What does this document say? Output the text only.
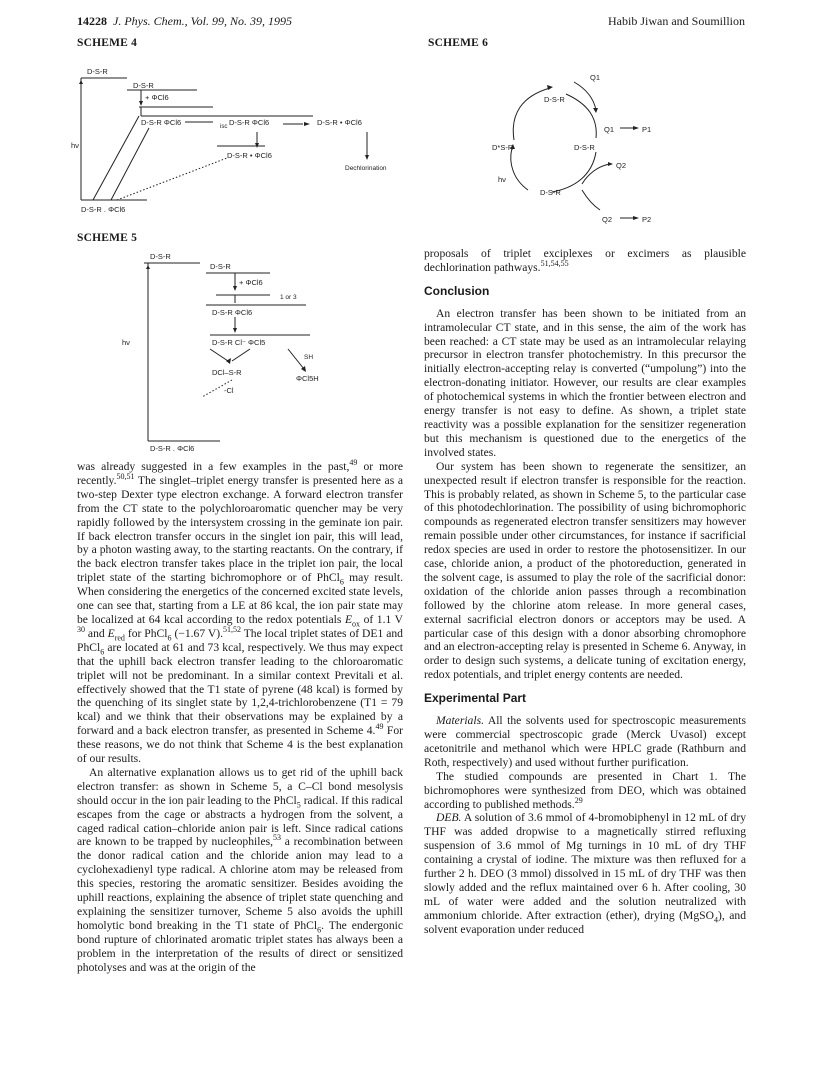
14228 J. Phys. Chem., Vol. 99, No. 39, 1995	Habib Jiwan and Soumillion
SCHEME 4
D-S-R
D-S-R
+ ΦCl6
D-S-R ΦCl6	isc D-S-R ΦCl6	D-S-R • ΦCl6
D-S-R • ΦCl6
Dechlorination
hν
D-S-R . ΦCl6
SCHEME 5
D-S-R
D-S-R
+ ΦCl6
1 or 3
D-S-R ΦCl6
D-S-R Cl⁻ ΦCl5
SH
DCl–S-R
ΦCl5H
-Cl
hν
D-S-R . ΦCl6
SCHEME 6
Q1
D-S-R
Q1	P1
D*S-R	D-S-R
Q2
hν
D-S-R
Q2	P2

was already suggested in a few examples in the past,$^{49}$ or more recently.$^{50,51}$ The singlet–triplet energy transfer is presented here as a two-step Dexter type electron exchange. A forward electron transfer from the CT state to the polychloroaromatic quencher may be very rapidly followed by the intersystem crossing in the geminate ion pair. If back electron transfer occurs in the singlet ion pair, this will lead, by a photon wasting away, to the starting reactants. On the contrary, if the back electron transfer takes place in the triplet ion pair, the local triplet state of the starting bichromophore or of PhCl$_6$ may result. When considering the energetics of the concerned excited state levels, one can see that, starting from a LE at 86 kcal, the ion pair state may be localized at 64 kcal according to the redox potentials $E_{ox}$ of 1.1 V $^{30}$ and $E_{red}$ for PhCl$_6$ (−1.67 V).$^{51,52}$ The local triplet states of DE1 and PhCl$_6$ are located at 61 and 73 kcal, respectively. We thus may expect that the uphill back electron transfer leading to the chloroaromatic triplet will not be predominant. In a similar context Previtali et al. effectively showed that the T1 state of pyrene (48 kcal) is formed by the quenching of its singlet state by 1,2,4-trichlorobenzene (T1 = 79 kcal) and we think that their observations may be explained by a forward and a back electron transfer, as presented in Scheme 4.49 For these reasons, we do not think that Scheme 4 is the best explanation of our results.

An alternative explanation allows us to get rid of the uphill back electron transfer: as shown in Scheme 5, a C–Cl bond mesolysis should occur in the ion pair leading to the PhCl$_5$ radical. If this radical escapes from the cage or abstracts a hydrogen from the solvent, a caged radical cation–chloride anion pair is left. Since radical cations are known to be trapped by nucleophiles,$^{53}$ a recombination between the donor radical cation and the chloride anion may lead to a cyclohexadienyl type radical. A chlorine atom may be released from this species, restoring the aromatic sensitizer. Besides avoiding the uphill reactions, explaining the absence of triplet state quenching and explaining the sensitizer turnover, Scheme 5 also avoids the uphill homolytic bond breaking in the T1 state of PhCl$_6$. The endergonic bond rupture of chlorinated aromatic triplet states has always been a problem in the interpretation of the results of direct or sensitized photolyses and was at the origin of the

proposals of triplet exciplexes or excimers as plausible dechlorination pathways.$^{51,54,55}$

Conclusion

An electron transfer has been shown to be initiated from an intramolecular CT state, and in this sense, the aim of the work has been reached: a CT state may be used as an intramolecular relaying precursor in electron transfer photochemistry. In this precursor the initially electron-accepting relay is converted (“umpolung”) into the electron-donating initiator. However, our results are clear examples of photochemical systems in which the frontier between electron and energy transfer is not easy to define. As shown, a triplet state reactivity was a possible explanation for the sensitizer regeneration but this mechanism is questioned due to the energetics of the involved states.

Our system has been shown to regenerate the sensitizer, an unexpected result if electron transfer is responsible for the reaction. This is probably related, as shown in Scheme 5, to the particular case of this photodechlorination. The possibility of using bichromophoric compounds as regenerated electron transfer sensitizers may however remain possible under other circumstances, for instance if sacrificial redox species are used in order to restore the photosensitizer. In our case, chloride anion, a product of the photoreduction, generated in the solvent cage, is assumed to play the role of the sacrificial donor: oxidation of the chloride anion passes through a recombination followed by the chlorine atom release. In more general cases, external sacrificial electron donors or acceptors may be used. A particular case of this design with a donor absorbing chromophore and an electron-accepting relay is presented in Scheme 6. Anyway, in order to design such systems, a delicate tuning of excitation energy, redox potentials, and triplet energy contents are needed.

Experimental Part

Materials. All the solvents used for spectroscopic measurements were commercial spectroscopic grade (Merck Uvasol) except acetonitrile and methanol which were HPLC grade (Rathburn and Roth, respectively) and used without further purification.

The studied compounds are presented in Chart 1. The bichromophores were synthesized from DEO, which was obtained according to published methods.$^{29}$

DEB. A solution of 3.6 mmol of 4-bromobiphenyl in 12 mL of dry THF was added dropwise to a magnetically stirred refluxing suspension of 3.6 mmol of Mg turnings in 10 mL of dry THF containing a crystal of iodine. The mixture was then refluxed for a further 2 h. DEO (3 mmol) dissolved in 15 mL of dry THF was then slowly added and the reflux maintained over 6 h. After cooling, 30 mL of water were added and the solution neutralized with ammonium chloride. After extraction (ether), drying (MgSO$_4$), and solvent evaporation under reduced
